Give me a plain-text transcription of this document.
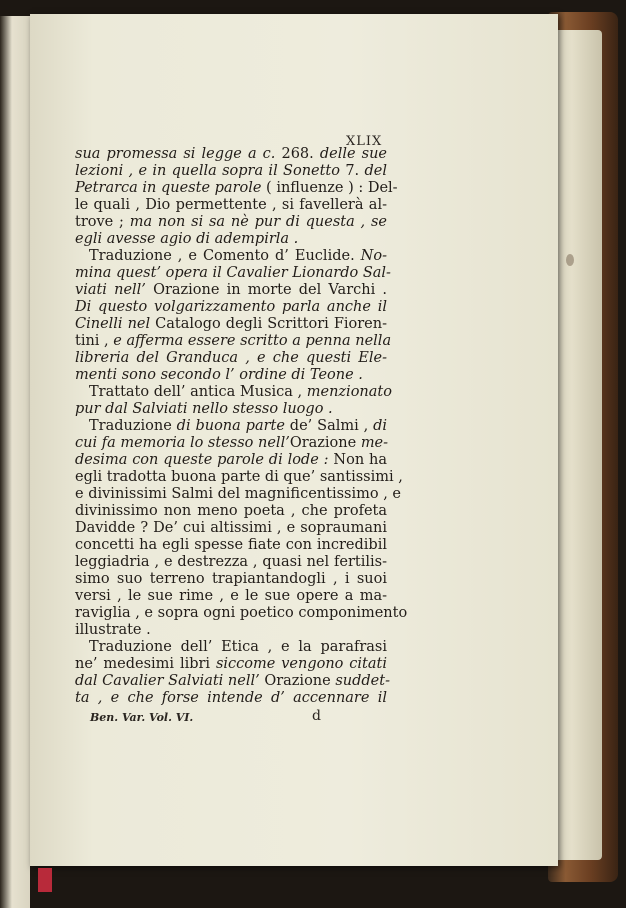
XLIX
sua promessa si legge a c. 268. delle sue
lezioni , e in quella sopra il Sonetto 7. del
Petrarca in queste parole ( influenze ) : Del-
le quali , Dio permettente , si favellerà al-
trove ; ma non si sa nè pur di questa , se
egli avesse agio di adempirla .
Traduzione , e Comento d’ Euclide. No-
mina quest’ opera il Cavalier Lionardo Sal-
viati nell’ Orazione in morte del Varchi .
Di questo volgarizzamento parla anche il
Cinelli nel Catalogo degli Scrittori Fioren-
tini , e afferma essere scritto a penna nella
libreria del Granduca , e che questi Ele-
menti sono secondo l’ ordine di Teone .
Trattato dell’ antica Musica , menzionato
pur dal Salviati nello stesso luogo .
Traduzione di buona parte de’ Salmi , di
cui fa memoria lo stesso nell’Orazione me-
desima con queste parole di lode : Non ha
egli tradotta buona parte di que’ santissimi ,
e divinissimi Salmi del magnificentissimo , e
divinissimo non meno poeta , che profeta
Davidde ? De’ cui altissimi , e sopraumani
concetti ha egli spesse fiate con incredibil
leggiadria , e destrezza , quasi nel fertilis-
simo suo terreno trapiantandogli , i suoi
versi , le sue rime , e le sue opere a ma-
raviglia , e sopra ogni poetico componimento
illustrate .
Traduzione dell’ Etica , e la parafrasi
ne’ medesimi libri siccome vengono citati
dal Cavalier Salviati nell’ Orazione suddet-
ta , e che forse intende d’ accennare il
Ben. Var. Vol. VI.	d
